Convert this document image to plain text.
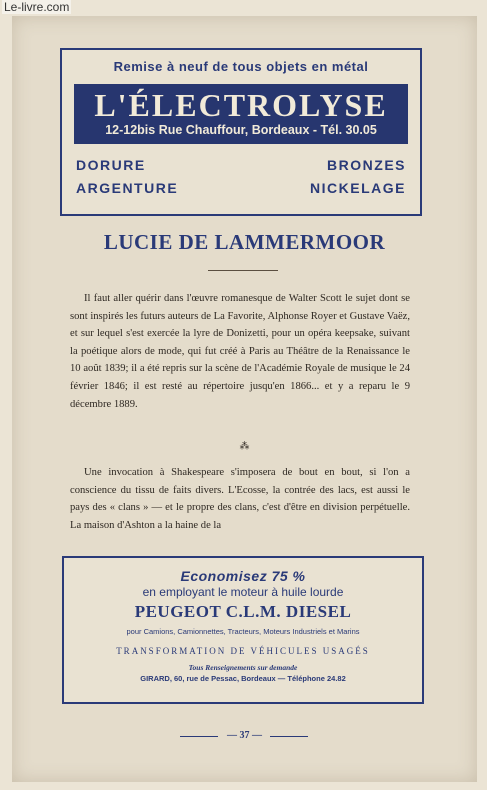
Le-livre.com
Remise à neuf de tous objets en métal
L'ÉLECTROLYSE
12-12bis Rue Chauffour, Bordeaux - Tél. 30.05
DORURE	BRONZES
ARGENTURE	NICKELAGE
LUCIE DE LAMMERMOOR
Il faut aller quérir dans l'œuvre romanesque de Walter Scott le sujet dont se sont inspirés les futurs auteurs de La Favorite, Alphonse Royer et Gustave Vaëz, et sur lequel s'est exercée la lyre de Donizetti, pour un opéra keepsake, suivant la poétique alors de mode, qui fut créé à Paris au Théâtre de la Renaissance le 10 août 1839; il a été repris sur la scène de l'Académie Royale de musique le 24 février 1846; il est resté au répertoire jusqu'en 1866... et y a reparu le 9 décembre 1889.
⁂
Une invocation à Shakespeare s'imposera de bout en bout, si l'on a conscience du tissu de faits divers. L'Ecosse, la contrée des lacs, est aussi le pays des « clans » — et le propre des clans, c'est d'être en division perpétuelle. La maison d'Ashton a la haine de la
Economisez 75 %
en employant le moteur à huile lourde
PEUGEOT C.L.M. DIESEL
pour Camions, Camionnettes, Tracteurs, Moteurs Industriels et Marins
TRANSFORMATION DE VÉHICULES USAGÉS
Tous Renseignements sur demande
GIRARD, 60, rue de Pessac, Bordeaux — Téléphone 24.82
— 37 —
